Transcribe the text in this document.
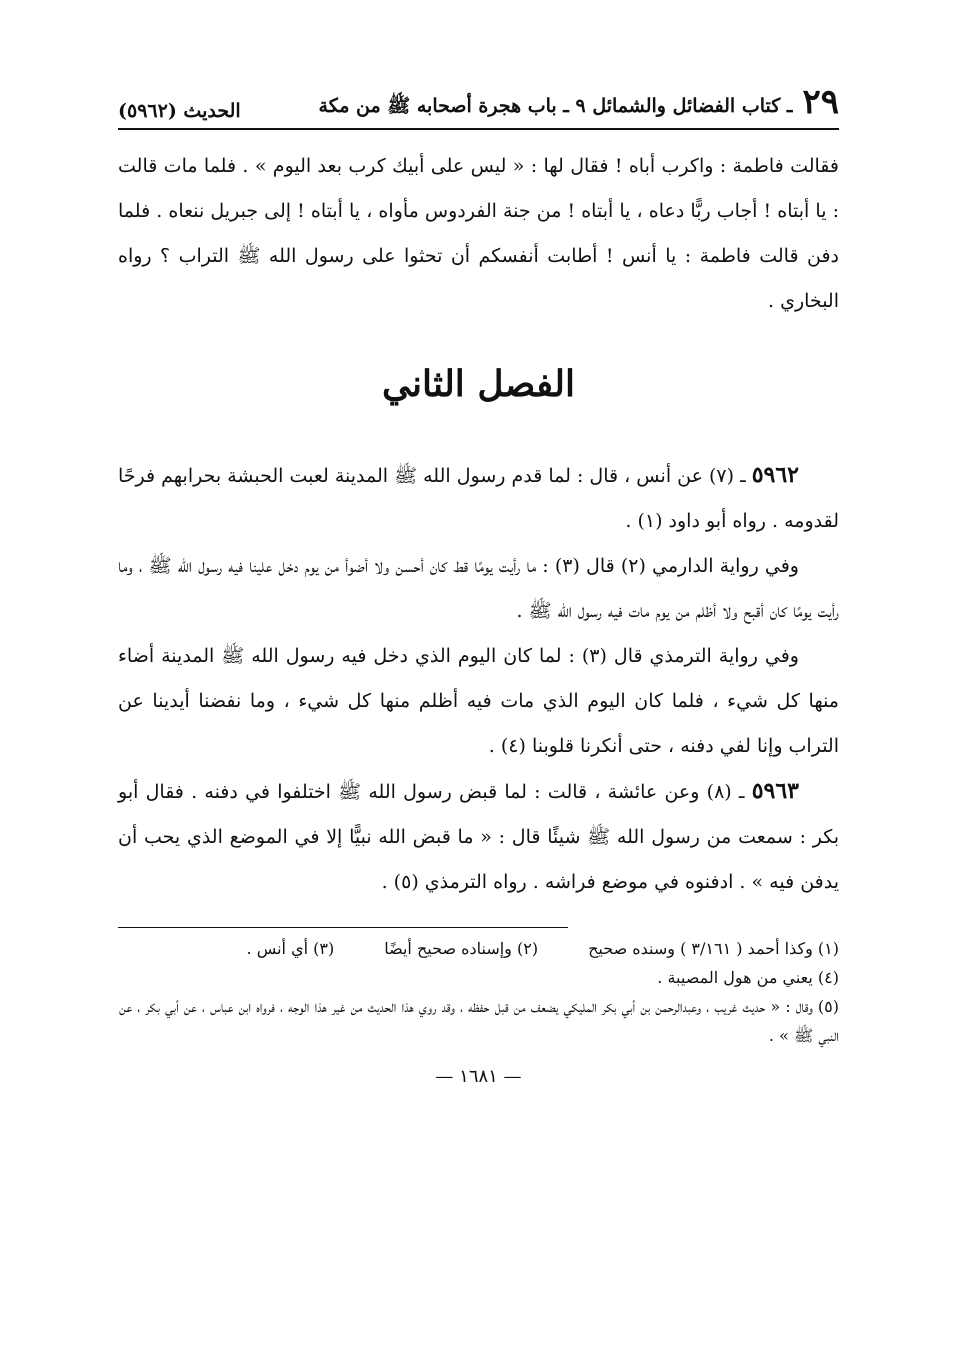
٢٩
ـ كتاب الفضائل والشمائل ٩ ـ باب هجرة أصحابه ﷺ من مكة
الحديث (٥٩٦٢)

فقالت فاطمة : واكرب أباه ! فقال لها : « ليس على أبيك كرب بعد اليوم » . فلما مات قالت : يا أبتاه ! أجاب ربًّا دعاه ، يا أبتاه ! من جنة الفردوس مأواه ، يا أبتاه ! إلى جبريل ننعاه . فلما دفن قالت فاطمة : يا أنس ! أطابت أنفسكم أن تحثوا على رسول الله ﷺ التراب ؟ رواه البخاري .

الفصل الثاني

٥٩٦٢ ـ (٧) عن أنس ، قال : لما قدم رسول الله ﷺ المدينة لعبت الحبشة بحرابهم فرحًا لقدومه . رواه أبو داود (١) .

وفي رواية الدارمي (٢) قال (٣) : ما رأيت يومًا قط كان أحسن ولا أضوأ من يوم دخل علينا فيه رسول الله ﷺ ، وما رأيت يومًا كان أقبح ولا أظلم من يوم مات فيه رسول الله ﷺ .

وفي رواية الترمذي قال (٣) : لما كان اليوم الذي دخل فيه رسول الله ﷺ المدينة أضاء منها كل شيء ، فلما كان اليوم الذي مات فيه أظلم منها كل شيء ، وما نفضنا أيدينا عن التراب وإنا لفي دفنه ، حتى أنكرنا قلوبنا (٤) .

٥٩٦٣ ـ (٨) وعن عائشة ، قالت : لما قبض رسول الله ﷺ اختلفوا في دفنه . فقال أبو بكر : سمعت من رسول الله ﷺ شيئًا قال : « ما قبض الله نبيًّا إلا في الموضع الذي يحب أن يدفن فيه » . ادفنوه في موضع فراشه . رواه الترمذي (٥) .

(١) وكذا أحمد ( ٣/١٦١ ) وسنده صحيح
(٢) وإسناده صحيح أيضًا
(٣) أي أنس .
(٤) يعني من هول المصيبة .
(٥) وقال : « حديث غريب ، وعبدالرحمن بن أبي بكر المليكي يضعف من قبل حفظه ، وقد روي هذا الحديث من غير هذا الوجه ، فرواه ابن عباس ، عن أبي بكر ، عن النبي ﷺ » .
— ١٦٨١ —
